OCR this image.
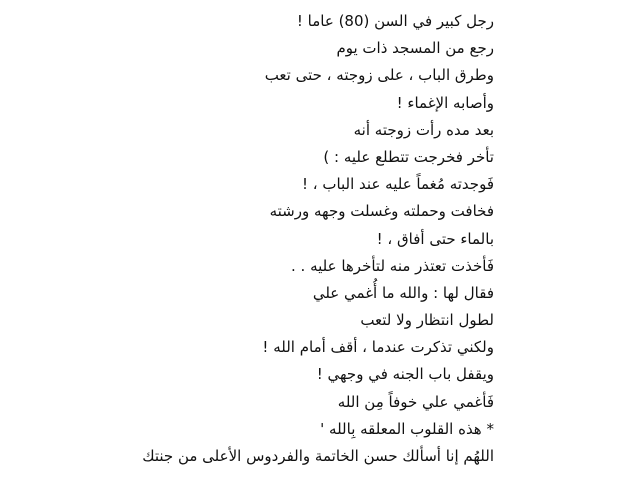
رجل كبير في السن (80) عاما !
رجع من المسجد ذات يوم
وطرق الباب ، على زوجته ، حتى تعب
وأصابه الإغماء !
بعد مده رأت زوجته أنه
تأخر فخرجت تتطلع عليه : )
فَوجدته مُغماً عليه عند الباب ، !
فخافت وحملته وغسلت وجهه ورشته
بالماء حتى أفاق ، !
فَأخذت تعتذر منه لتأخرها عليه . .
فقال لها : والله ما أُغمي علي
لطول انتظار ولا لتعب
ولكني تذكرت عندما ، أقف أمام الله !
ويقفل باب الجنه في وجهي !
فَأغمي علي خوفاً مِن الله
* هذه القلوب المعلقه بِالله '
اللهُم إنا أسألك حسن الخاتمة والفردوس الأعلى من جنتك
